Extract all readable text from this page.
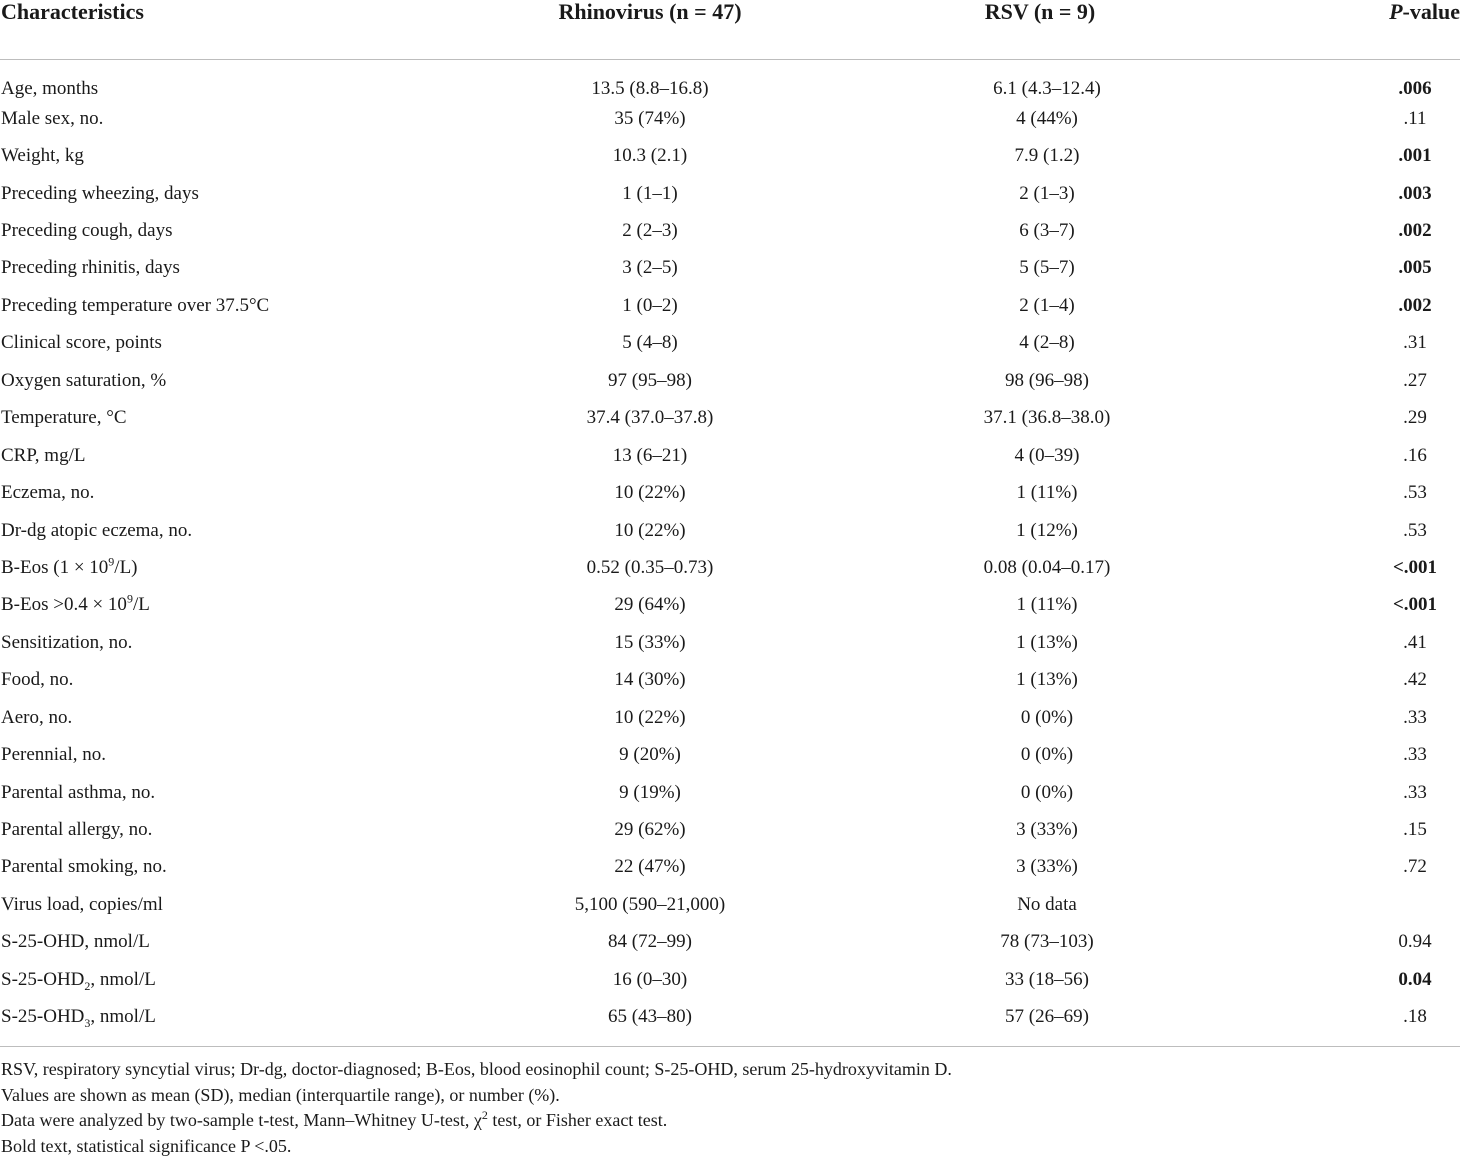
Characteristics	Rhinovirus (n = 47)	RSV (n = 9)	P-value
Age, months	13.5 (8.8–16.8)	6.1 (4.3–12.4)	.006
Male sex, no.	35 (74%)	4 (44%)	.11
Weight, kg	10.3 (2.1)	7.9 (1.2)	.001
Preceding wheezing, days	1 (1–1)	2 (1–3)	.003
Preceding cough, days	2 (2–3)	6 (3–7)	.002
Preceding rhinitis, days	3 (2–5)	5 (5–7)	.005
Preceding temperature over 37.5°C	1 (0–2)	2 (1–4)	.002
Clinical score, points	5 (4–8)	4 (2–8)	.31
Oxygen saturation, %	97 (95–98)	98 (96–98)	.27
Temperature, °C	37.4 (37.0–37.8)	37.1 (36.8–38.0)	.29
CRP, mg/L	13 (6–21)	4 (0–39)	.16
Eczema, no.	10 (22%)	1 (11%)	.53
Dr-dg atopic eczema, no.	10 (22%)	1 (12%)	.53
B-Eos $(1 \times 10^9/L)$	0.52 (0.35–0.73)	0.08 (0.04–0.17)	<.001
$B-Eos >0.4 \times 10^9/L$	29 (64%)	1 (11%)	<.001
Sensitization, no.	15 (33%)	1 (13%)	.41
Food, no.	14 (30%)	1 (13%)	.42
Aero, no.	10 (22%)	0 (0%)	.33
Perennial, no.	9 (20%)	0 (0%)	.33
Parental asthma, no.	9 (19%)	0 (0%)	.33
Parental allergy, no.	29 (62%)	3 (33%)	.15
Parental smoking, no.	22 (47%)	3 (33%)	.72
Virus load, copies/ml	5,100 (590–21,000)	No data	
S-25-OHD, nmol/L	84 (72–99)	78 (73–103)	0.94
$S-25-OHD_2$, nmol/L	16 (0–30)	33 (18–56)	0.04
$S-25-OHD_3$, nmol/L	65 (43–80)	57 (26–69)	.18
RSV, respiratory syncytial virus; Dr-dg, doctor-diagnosed; B-Eos, blood eosinophil count; S-25-OHD, serum 25-hydroxyvitamin D.
Values are shown as mean (SD), median (interquartile range), or number (%).
Data were analyzed by two-sample t-test, Mann–Whitney U-test, $\chi^2$ test, or Fisher exact test.
Bold text, statistical significance P <.05.
